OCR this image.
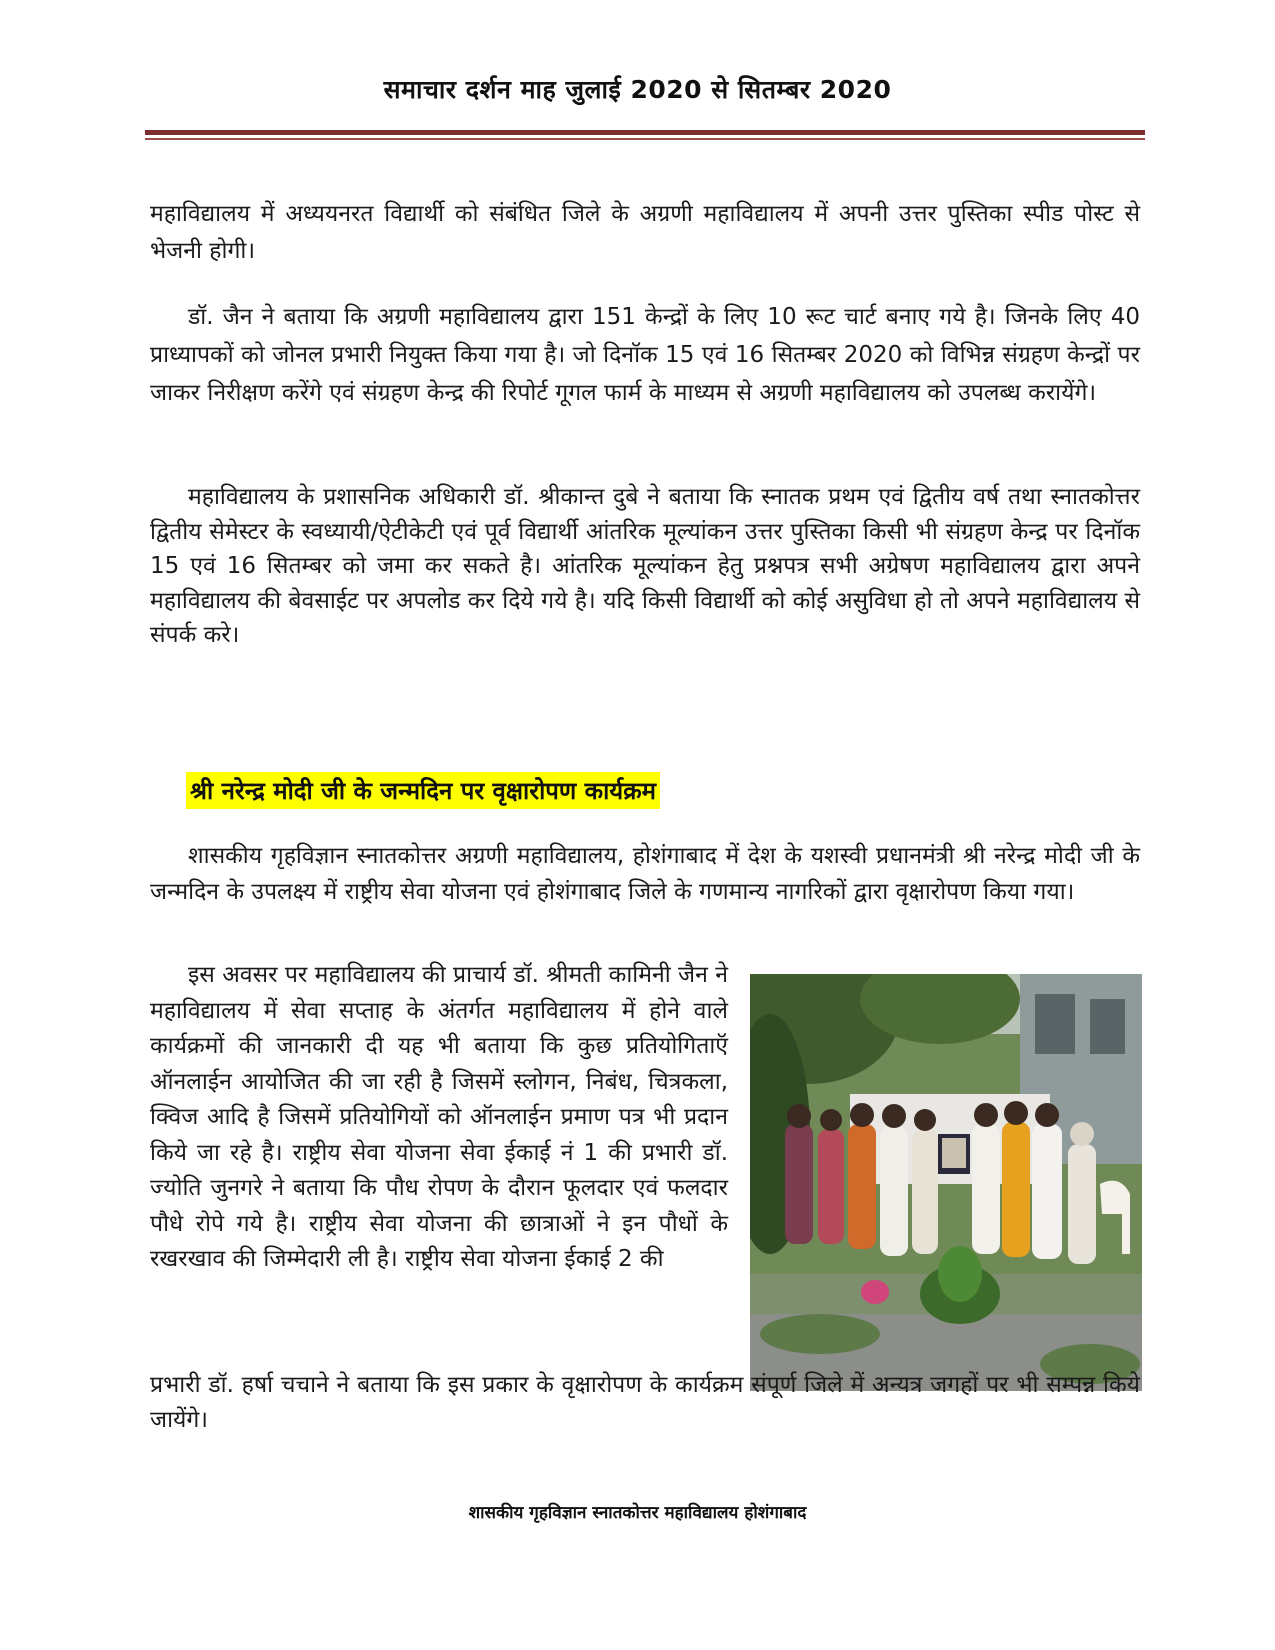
समाचार दर्शन माह जुलाई 2020 से सितम्बर 2020

महाविद्यालय में अध्ययनरत विद्यार्थी को संबंधित जिले के अग्रणी महाविद्यालय में अपनी उत्तर पुस्तिका स्पीड पोस्ट से भेजनी होगी।

डॉ. जैन ने बताया कि अग्रणी महाविद्यालय द्वारा 151 केन्द्रों के लिए 10 रूट चार्ट बनाए गये है। जिनके लिए 40 प्राध्यापकों को जोनल प्रभारी नियुक्त किया गया है। जो दिनॉक 15 एवं 16 सितम्बर 2020 को विभिन्न संग्रहण केन्द्रों पर जाकर निरीक्षण करेंगे एवं संग्रहण केन्द्र की रिपोर्ट गूगल फार्म के माध्यम से अग्रणी महाविद्यालय को उपलब्ध करायेंगे।

महाविद्यालय के प्रशासनिक अधिकारी डॉ. श्रीकान्त दुबे ने बताया कि स्नातक प्रथम एवं द्वितीय वर्ष तथा स्नातकोत्तर द्वितीय सेमेस्टर के स्वध्यायी/ऐटीकेटी एवं पूर्व विद्यार्थी आंतरिक मूल्यांकन उत्तर पुस्तिका किसी भी संग्रहण केन्द्र पर दिनॉक 15 एवं 16 सितम्बर को जमा कर सकते है। आंतरिक मूल्यांकन हेतु प्रश्नपत्र सभी अग्रेषण महाविद्यालय द्वारा अपने महाविद्यालय की बेवसाईट पर अपलोड कर दिये गये है। यदि किसी विद्यार्थी को कोई असुविधा हो तो अपने महाविद्यालय से संपर्क करे।

श्री नरेन्द्र मोदी जी के जन्मदिन पर वृक्षारोपण कार्यक्रम

शासकीय गृहविज्ञान स्नातकोत्तर अग्रणी महाविद्यालय, होशंगाबाद में देश के यशस्वी प्रधानमंत्री श्री नरेन्द्र मोदी जी के जन्मदिन के उपलक्ष्य में राष्ट्रीय सेवा योजना एवं होशंगाबाद जिले के गणमान्य नागरिकों द्वारा वृक्षारोपण किया गया।

इस अवसर पर महाविद्यालय की प्राचार्य डॉ. श्रीमती कामिनी जैन ने महाविद्यालय में सेवा सप्ताह के अंतर्गत महाविद्यालय में होने वाले कार्यक्रमों की जानकारी दी यह भी बताया कि कुछ प्रतियोगिताऍ ऑनलाईन आयोजित की जा रही है जिसमें स्लोगन, निबंध, चित्रकला, क्विज आदि है जिसमें प्रतियोगियों को ऑनलाईन प्रमाण पत्र भी प्रदान किये जा रहे है। राष्ट्रीय सेवा योजना सेवा ईकाई नं 1 की प्रभारी डॉ. ज्योति जुनगरे ने बताया कि पौध रोपण के दौरान फूलदार एवं फलदार पौधे रोपे गये है। राष्ट्रीय सेवा योजना की छात्राओं ने इन पौधों के रखरखाव की जिम्मेदारी ली है। राष्ट्रीय सेवा योजना ईकाई 2 की

प्रभारी डॉ. हर्षा चचाने ने बताया कि इस प्रकार के वृक्षारोपण के कार्यक्रम संपूर्ण जिले में अन्यत्र जगहों पर भी सम्पन्न किये जायेंगे।

शासकीय गृहविज्ञान स्नातकोत्तर महाविद्यालय होशंगाबाद
